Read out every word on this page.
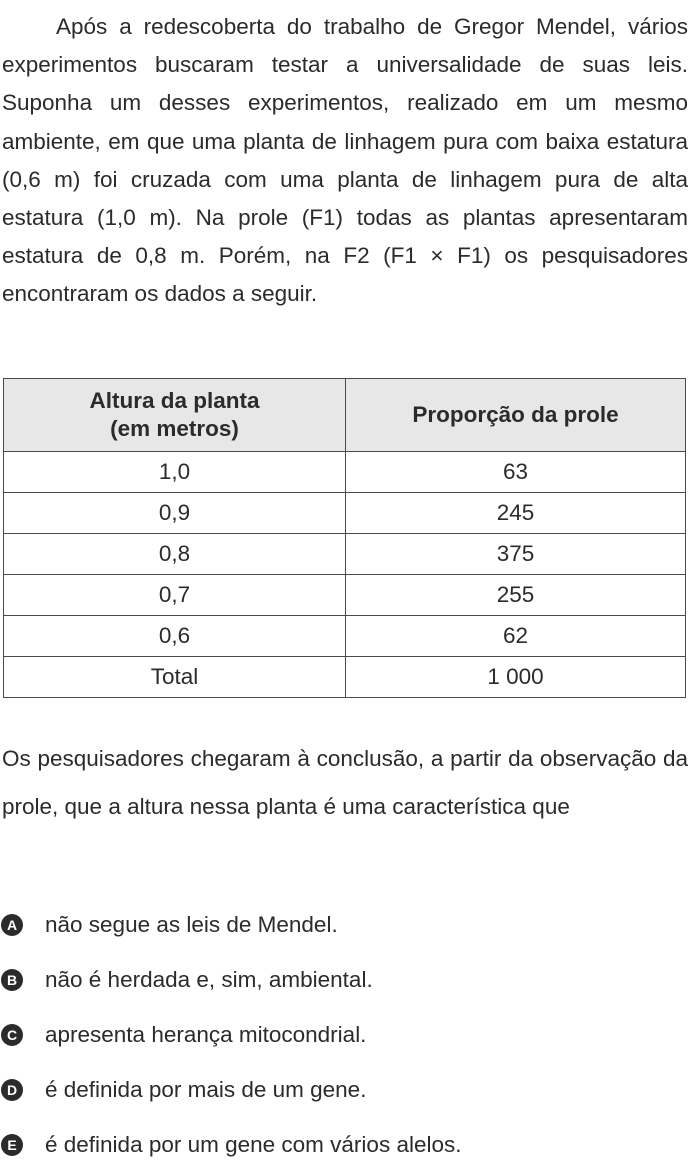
Após a redescoberta do trabalho de Gregor Mendel, vários experimentos buscaram testar a universalidade de suas leis. Suponha um desses experimentos, realizado em um mesmo ambiente, em que uma planta de linhagem pura com baixa estatura (0,6 m) foi cruzada com uma planta de linhagem pura de alta estatura (1,0 m). Na prole (F1) todas as plantas apresentaram estatura de 0,8 m. Porém, na F2 (F1 × F1) os pesquisadores encontraram os dados a seguir.

Altura da planta
(em metros)	Proporção da prole
1,0	63
0,9	245
0,8	375
0,7	255
0,6	62
Total	1 000

Os pesquisadores chegaram à conclusão, a partir da observação da prole, que a altura nessa planta é uma característica que

A não segue as leis de Mendel.
B não é herdada e, sim, ambiental.
C apresenta herança mitocondrial.
D é definida por mais de um gene.
E é definida por um gene com vários alelos.
